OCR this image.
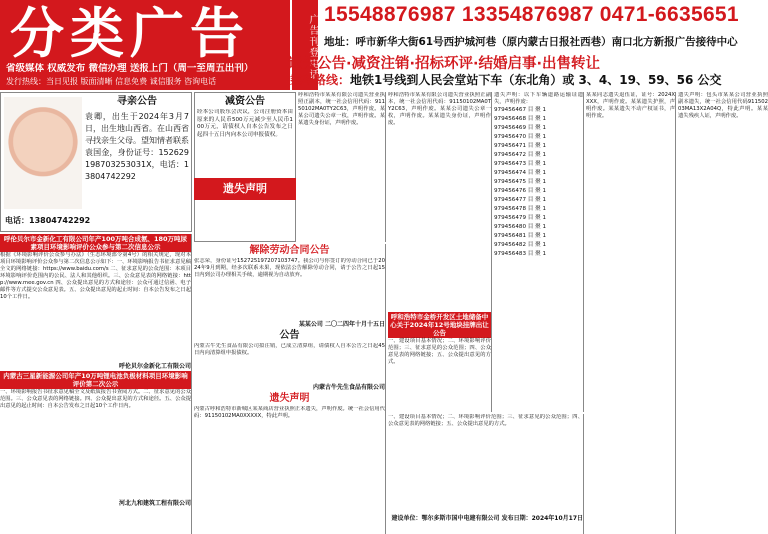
分类广告
省级媒体 权威发布 微信办理 送报上门（周一至周五出刊）
发行热线：当日见报 版面清晰 信息免费 诚信服务 咨询电话
广告刊登电话 15548876987 13354876987 0471-6635651
地址：呼市新华大街61号西护城河巷（原内蒙古日报社西巷）南口北方新报广告接待中心
遗失公告·减资注销·招标环评·结婚启事·出售转让
乘车路线：地铁1号线到人民会堂站下车（东北角）或 3、4、19、59、56 公交
寻亲公告
袁卿，出生于2024年3月7日，出生地山西省。在山西省寻找亲生父母。望知情者联系袁国金，身份证号：152629198703253031X，电话：13804742292
电话：13804742292
减资公告
经本公司股东会决议，公司注册资本由原来的人民币500万元减少至人民币100万元，请债权人自本公告发布之日起四十五日内向本公司申报债权。
遗失声明
呼伦贝尔市金新化工有限公司年产100万吨合成氨、180万吨尿素项目环境影响评价公众参与第二次信息公示
根据《环境影响评价公众参与办法》（生态环境部令第4号）的相关规定，现对本项目环境影响评价公众参与第二次信息公示如下：一、环境影响报告书征求意见稿全文的网络链接：https://www.baidu.com/s 二、征求意见的公众范围：本项目环境影响评价范围内的公民、法人和其他组织。三、公众意见表的网络链接：http://www.mee.gov.cn 四、公众提出意见的方式和途径：公众可通过信函、电子邮件等方式提交公众意见表。五、公众提出意见的起止时间：自本公告发布之日起10个工作日。
呼伦贝尔金新化工有限公司
内蒙古三星新能源公司年产10万吨锂电池负极材料项目环境影响评价第二次公示
一、环境影响报告书征求意见稿全文及纸质报告书查阅方式。二、征求意见的公众范围。三、公众意见表的网络链接。四、公众提出意见的方式和途径。五、公众提出意见的起止时间：自本公告发布之日起10个工作日内。
河北九和建筑工程有限公司
解除劳动合同公告
张志荣，身份证号152725197207103747。我公司与你签订的劳动合同已于2024年9月到期，经多次联系未果，现依法公告解除劳动合同，请于公告之日起15日内到公司办理相关手续，逾期视为自动放弃。
某某公司 二〇二四年十月十五日
公告
内蒙古牛先生食品有限公司拟注销，已成立清算组，请债权人自本公告之日起45日内向清算组申报债权。
内蒙古牛先生食品有限公司
遗失声明
内蒙古呼和浩特市新城区某某商店营业执照正本遗失，声明作废。统一社会信用代码：91150102MA0XXXXX，特此声明。
呼和浩特市某某有限公司遗失营业执照正副本，统一社会信用代码：91150102MA0TY2C63，声明作废。某某公司遗失公章一枚，声明作废。某某遗失身份证，声明作废。
呼和浩特市某某有限公司遗失营业执照正副本，统一社会信用代码：91150102MA0TY2C63，声明作废。某某公司遗失公章一枚，声明作废。某某遗失身份证，声明作废。
呼和浩特市金桥开发区土地储备中心关于2024年12号地块挂牌出让公告
一、建设项目基本情况；二、环境影响评价范围；三、征求意见的公众范围；四、公众意见表的网络链接；五、公众提出意见的方式。
遗失声明：以下车辆道路运输证遗失，声明作废：
979456467 目 聚 1
979456468 目 聚 1
979456469 目 聚 1
979456470 目 聚 1
979456471 目 聚 1
979456472 目 聚 1
979456473 目 聚 1
979456474 目 聚 1
979456475 目 聚 1
979456476 目 聚 1
979456477 目 聚 1
979456478 目 聚 1
979456479 目 聚 1
979456480 目 聚 1
979456481 目 聚 1
979456482 目 聚 1
979456483 目 聚 1
某某同志遗失退伍证，证号：2024XXXX，声明作废。某某遗失护照，声明作废。某某遗失不动产权证书，声明作废。
遗失声明：包头市某某公司营业执照副本遗失，统一社会信用代码91150203MA13X2A04Q，特此声明。某某遗失残疾人证，声明作废。
一、建设项目基本情况；二、环境影响评价范围；三、征求意见的公众范围；四、公众意见表的网络链接；五、公众提出意见的方式。
建设单位：鄂尔多斯市国中电建有限公司 发布日期：2024年10月17日
